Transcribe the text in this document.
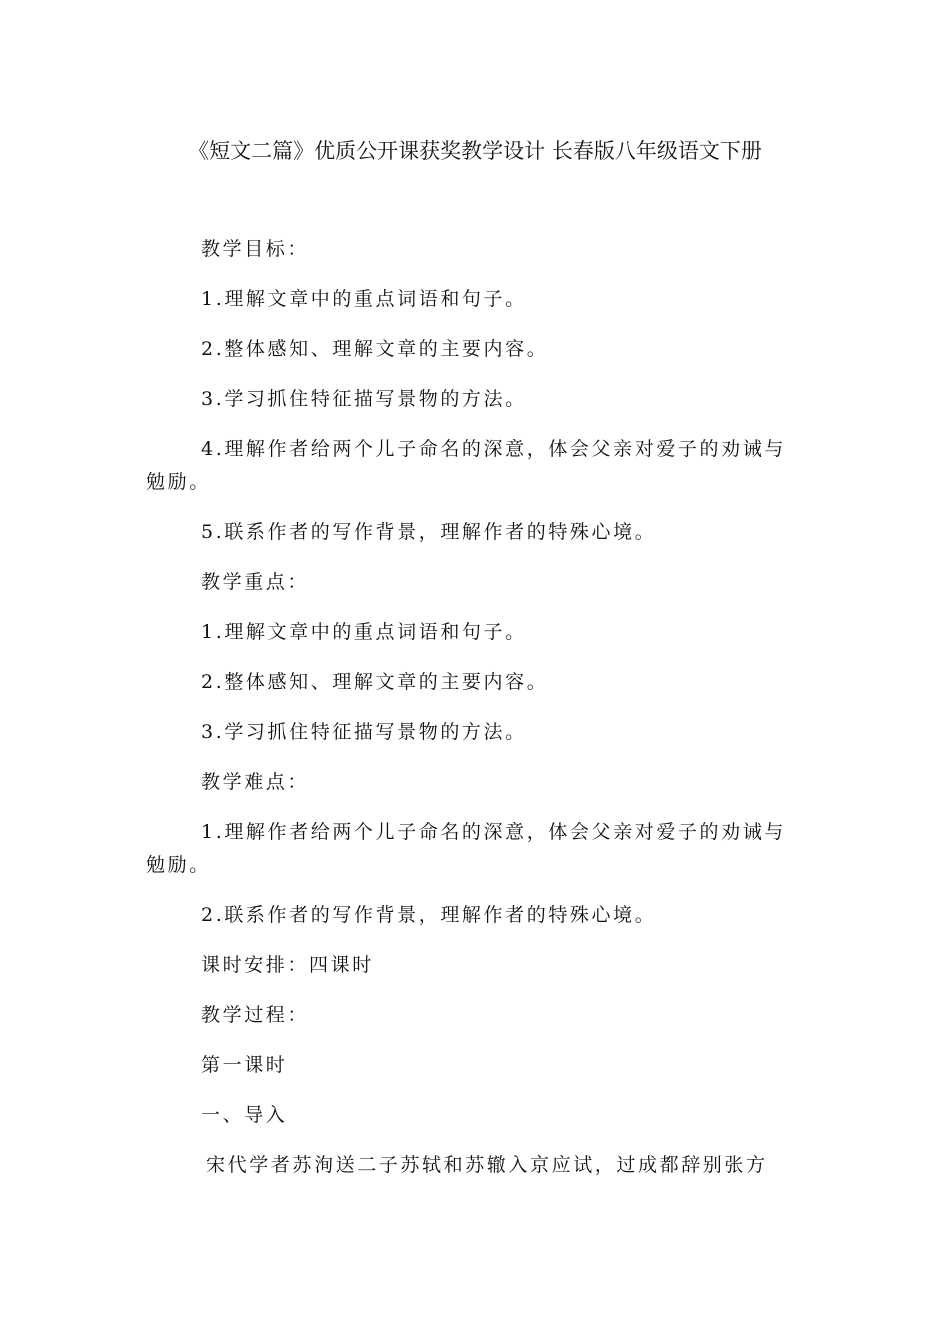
《短文二篇》优质公开课获奖教学设计 长春版八年级语文下册
教学目标：
1.理解文章中的重点词语和句子。
2.整体感知、理解文章的主要内容。
3.学习抓住特征描写景物的方法。
4.理解作者给两个儿子命名的深意，体会父亲对爱子的劝诫与
勉励。
5.联系作者的写作背景，理解作者的特殊心境。
教学重点：
1.理解文章中的重点词语和句子。
2.整体感知、理解文章的主要内容。
3.学习抓住特征描写景物的方法。
教学难点：
1.理解作者给两个儿子命名的深意，体会父亲对爱子的劝诫与
勉励。
2.联系作者的写作背景，理解作者的特殊心境。
课时安排：四课时
教学过程：
第一课时
一、导入
宋代学者苏洵送二子苏轼和苏辙入京应试，过成都辞别张方
